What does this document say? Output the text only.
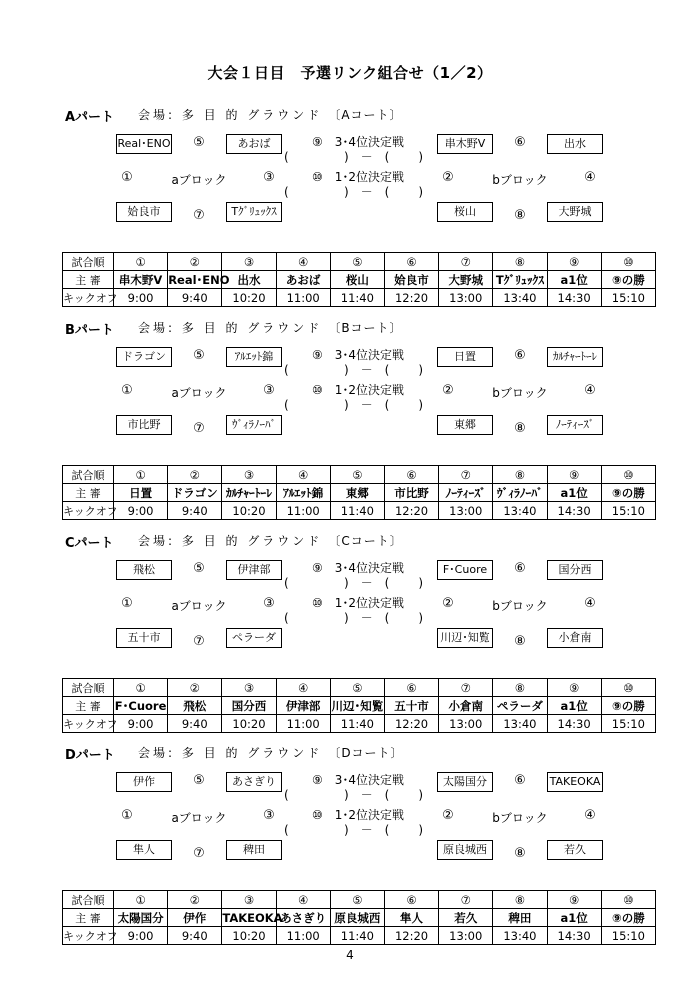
大会１日目　予選リンク組合せ（1／2）
Aパート 会場: 多 目 的 グラウンド 〔Aコート〕
Real･ENO	あおば
姶良市	Tｸﾞﾘｭｯｸｽ
⑤
①	③
⑦
aブロック
⑨　3･4位決定戦
(	)　－　( )
⑩　1･2位決定戦
(	)　－　( )
串木野V	出水
桜山	大野城
⑥
②	④
⑧
bブロック
試合順	①	②	③	④	⑤	⑥	⑦	⑧	⑨	⑩
主 審	串木野V	Real･ENO	出水	あおば	桜山	姶良市	大野城	Tｸﾞﾘｭｯｸｽ	a1位	⑨の勝
キックオフ	9:00	9:40	10:20	11:00	11:40	12:20	13:00	13:40	14:30	15:10
Bパート 会場: 多 目 的 グラウンド 〔Bコート〕
ドラゴン	ｱﾙｴｯﾄ錦
市比野	ｳﾞｨﾗﾉｰﾊﾞ
⑤
①	③
⑦
aブロック
⑨　3･4位決定戦
(	)　－　( )
⑩　1･2位決定戦
(	)　－　( )
日置	ｶﾙﾁｬｰﾄｰﾚ
東郷	ﾉｰﾃｨｰｽﾞ
⑥
②	④
⑧
bブロック
試合順	①	②	③	④	⑤	⑥	⑦	⑧	⑨	⑩
主 審	日置	ドラゴン	ｶﾙﾁｬｰﾄｰﾚ	ｱﾙｴｯﾄ錦	東郷	市比野	ﾉｰﾃｨｰｽﾞ	ｳﾞｨﾗﾉｰﾊﾞ	a1位	⑨の勝
キックオフ	9:00	9:40	10:20	11:00	11:40	12:20	13:00	13:40	14:30	15:10
Cパート 会場: 多 目 的 グラウンド 〔Cコート〕
飛松	伊津部
五十市	ペラーダ
⑤
①	③
⑦
aブロック
⑨　3･4位決定戦
(	)　－　( )
⑩　1･2位決定戦
(	)　－　( )
F･Cuore	国分西
川辺･知覧	小倉南
⑥
②	④
⑧
bブロック
試合順	①	②	③	④	⑤	⑥	⑦	⑧	⑨	⑩
主 審	F･Cuore	飛松	国分西	伊津部	川辺･知覧	五十市	小倉南	ペラーダ	a1位	⑨の勝
キックオフ	9:00	9:40	10:20	11:00	11:40	12:20	13:00	13:40	14:30	15:10
Dパート 会場: 多 目 的 グラウンド 〔Dコート〕
伊作	あさぎり
隼人	稗田
⑤
①	③
⑦
aブロック
⑨　3･4位決定戦
(	)　－　( )
⑩　1･2位決定戦
(	)　－　( )
太陽国分	TAKEOKA
原良城西	若久
⑥
②	④
⑧
bブロック
試合順	①	②	③	④	⑤	⑥	⑦	⑧	⑨	⑩
主 審	太陽国分	伊作	TAKEOKA	あさぎり	原良城西	隼人	若久	稗田	a1位	⑨の勝
キックオフ	9:00	9:40	10:20	11:00	11:40	12:20	13:00	13:40	14:30	15:10
4
